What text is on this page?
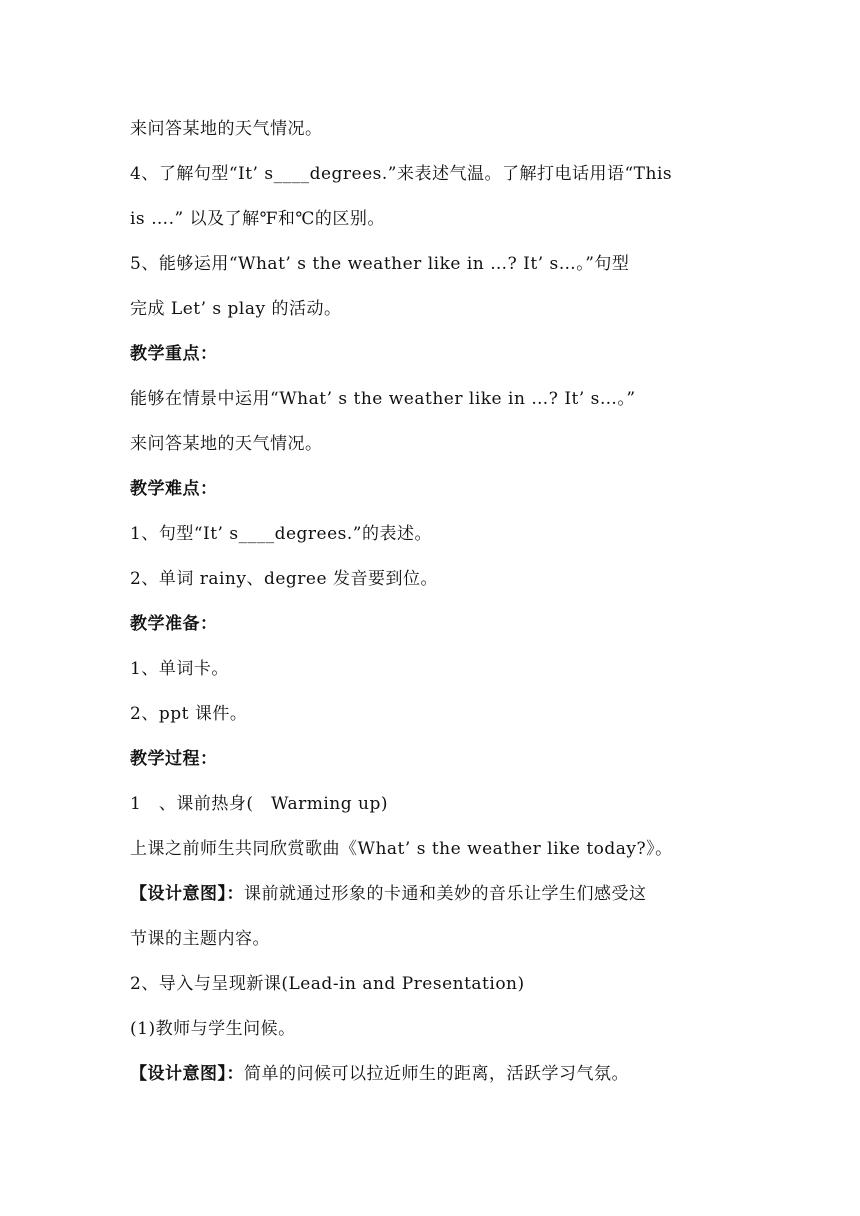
来问答某地的天气情况。
4、了解句型“It’ s____degrees.”来表述气温。了解打电话用语“This
is ….” 以及了解℉和℃的区别。
5、能够运用“What’ s the weather like in …? It’ s…。”句型
完成 Let’ s play 的活动。
教学重点：
能够在情景中运用“What’ s the weather like in …? It’ s…。”
来问答某地的天气情况。
教学难点：
1、句型“It’ s____degrees.”的表述。
2、单词 rainy、degree 发音要到位。
教学准备：
1、单词卡。
2、ppt 课件。
教学过程：
1　、课前热身(　Warming up)
上课之前师生共同欣赏歌曲《What’ s the weather like today?》。
【设计意图】：课前就通过形象的卡通和美妙的音乐让学生们感受这
节课的主题内容。
2、导入与呈现新课(Lead-in and Presentation)
(1)教师与学生问候。
【设计意图】：简单的问候可以拉近师生的距离，活跃学习气氛。
